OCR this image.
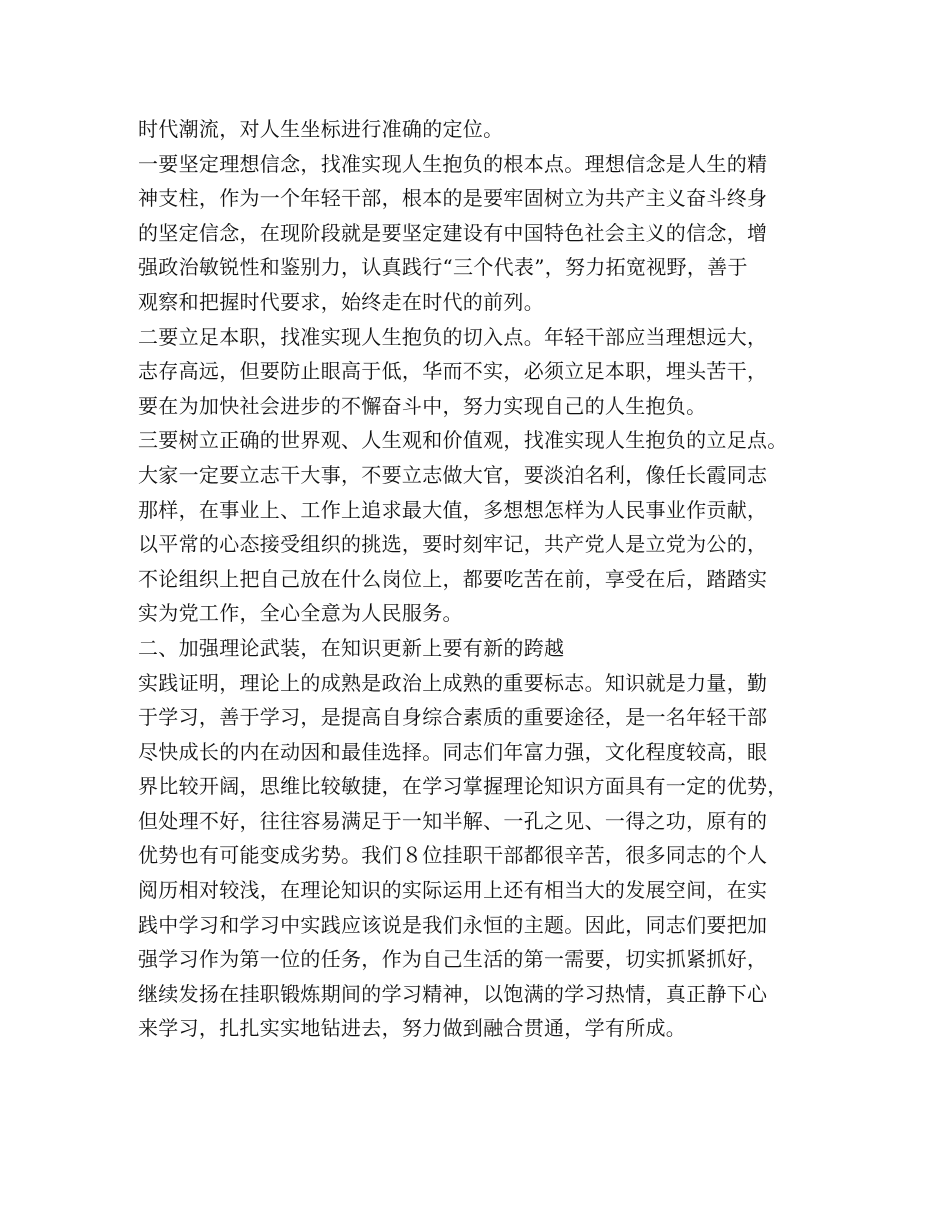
时代潮流，对人生坐标进行准确的定位。
一要坚定理想信念，找准实现人生抱负的根本点。理想信念是人生的精
神支柱，作为一个年轻干部，根本的是要牢固树立为共产主义奋斗终身
的坚定信念，在现阶段就是要坚定建设有中国特色社会主义的信念，增
强政治敏锐性和鉴别力，认真践行“三个代表”，努力拓宽视野，善于
观察和把握时代要求，始终走在时代的前列。
二要立足本职，找准实现人生抱负的切入点。年轻干部应当理想远大，
志存高远，但要防止眼高于低，华而不实，必须立足本职，埋头苦干，
要在为加快社会进步的不懈奋斗中，努力实现自己的人生抱负。
三要树立正确的世界观、人生观和价值观，找准实现人生抱负的立足点。
大家一定要立志干大事，不要立志做大官，要淡泊名利，像任长霞同志
那样，在事业上、工作上追求最大值，多想想怎样为人民事业作贡献，
以平常的心态接受组织的挑选，要时刻牢记，共产党人是立党为公的，
不论组织上把自己放在什么岗位上，都要吃苦在前，享受在后，踏踏实
实为党工作，全心全意为人民服务。
二、加强理论武装，在知识更新上要有新的跨越
实践证明，理论上的成熟是政治上成熟的重要标志。知识就是力量，勤
于学习，善于学习，是提高自身综合素质的重要途径，是一名年轻干部
尽快成长的内在动因和最佳选择。同志们年富力强，文化程度较高，眼
界比较开阔，思维比较敏捷，在学习掌握理论知识方面具有一定的优势，
但处理不好，往往容易满足于一知半解、一孔之见、一得之功，原有的
优势也有可能变成劣势。我们８位挂职干部都很辛苦，很多同志的个人
阅历相对较浅，在理论知识的实际运用上还有相当大的发展空间，在实
践中学习和学习中实践应该说是我们永恒的主题。因此，同志们要把加
强学习作为第一位的任务，作为自己生活的第一需要，切实抓紧抓好，
继续发扬在挂职锻炼期间的学习精神，以饱满的学习热情，真正静下心
来学习，扎扎实实地钻进去，努力做到融合贯通，学有所成。
